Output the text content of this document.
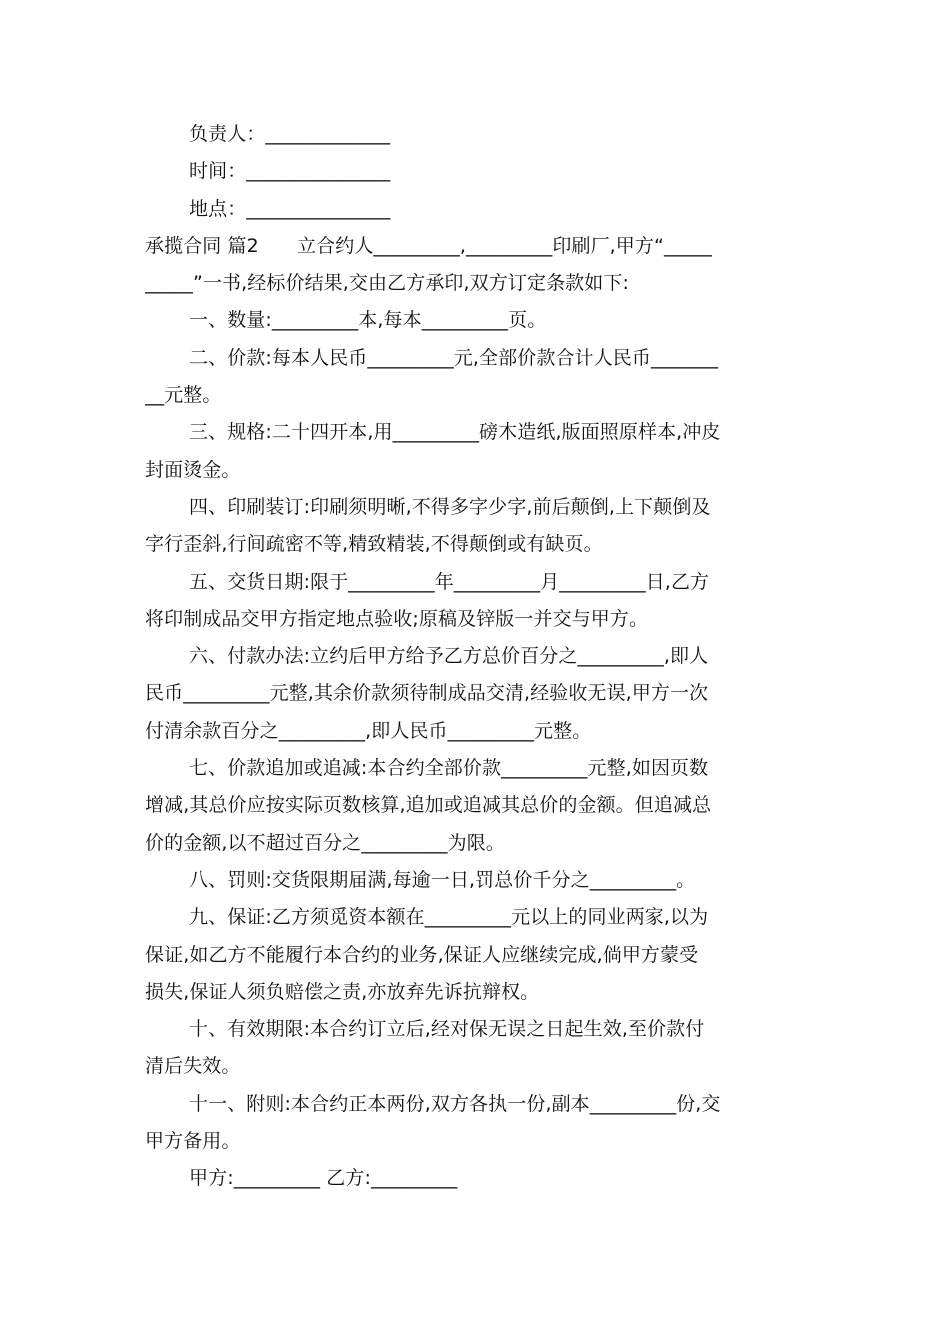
负责人：_____________
时间：_______________
地点：_______________
承揽合同 篇2　　立合约人_________,_________印刷厂,甲方“_____
_____”一书,经标价结果,交由乙方承印,双方订定条款如下:
一、数量:_________本,每本_________页。
二、价款:每本人民币_________元,全部价款合计人民币_______
__元整。
三、规格:二十四开本,用_________磅木造纸,版面照原样本,冲皮
封面烫金。
四、印刷装订:印刷须明晰,不得多字少字,前后颠倒,上下颠倒及
字行歪斜,行间疏密不等,精致精装,不得颠倒或有缺页。
五、交货日期:限于_________年_________月_________日,乙方
将印制成品交甲方指定地点验收;原稿及锌版一并交与甲方。
六、付款办法:立约后甲方给予乙方总价百分之_________,即人
民币_________元整,其余价款须待制成品交清,经验收无误,甲方一次
付清余款百分之_________,即人民币_________元整。
七、价款追加或追减:本合约全部价款_________元整,如因页数
增减,其总价应按实际页数核算,追加或追减其总价的金额。但追减总
价的金额,以不超过百分之_________为限。
八、罚则:交货限期届满,每逾一日,罚总价千分之_________。
九、保证:乙方须觅资本额在_________元以上的同业两家,以为
保证,如乙方不能履行本合约的业务,保证人应继续完成,倘甲方蒙受
损失,保证人须负赔偿之责,亦放弃先诉抗辩权。
十、有效期限:本合约订立后,经对保无误之日起生效,至价款付
清后失效。
十一、附则:本合约正本两份,双方各执一份,副本_________份,交
甲方备用。
甲方:_________ 乙方:_________
